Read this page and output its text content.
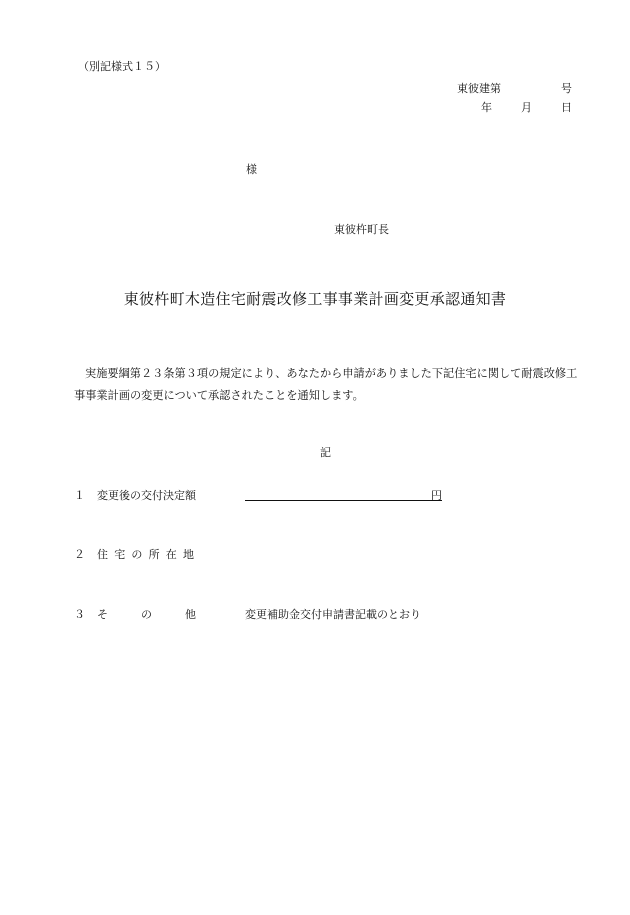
（別記様式１５）
東彼建第	号
年	月	日
様
東彼杵町長
東彼杵町木造住宅耐震改修工事事業計画変更承認通知書
実施要綱第２３条第３項の規定により、あなたから申請がありました下記住宅に関して耐震改修工事事業計画の変更について承認されたことを通知します。
記
１ 変更後の交付決定額	円
２ 住宅の所在地
３ そ　　　の　　　他	変更補助金交付申請書記載のとおり
